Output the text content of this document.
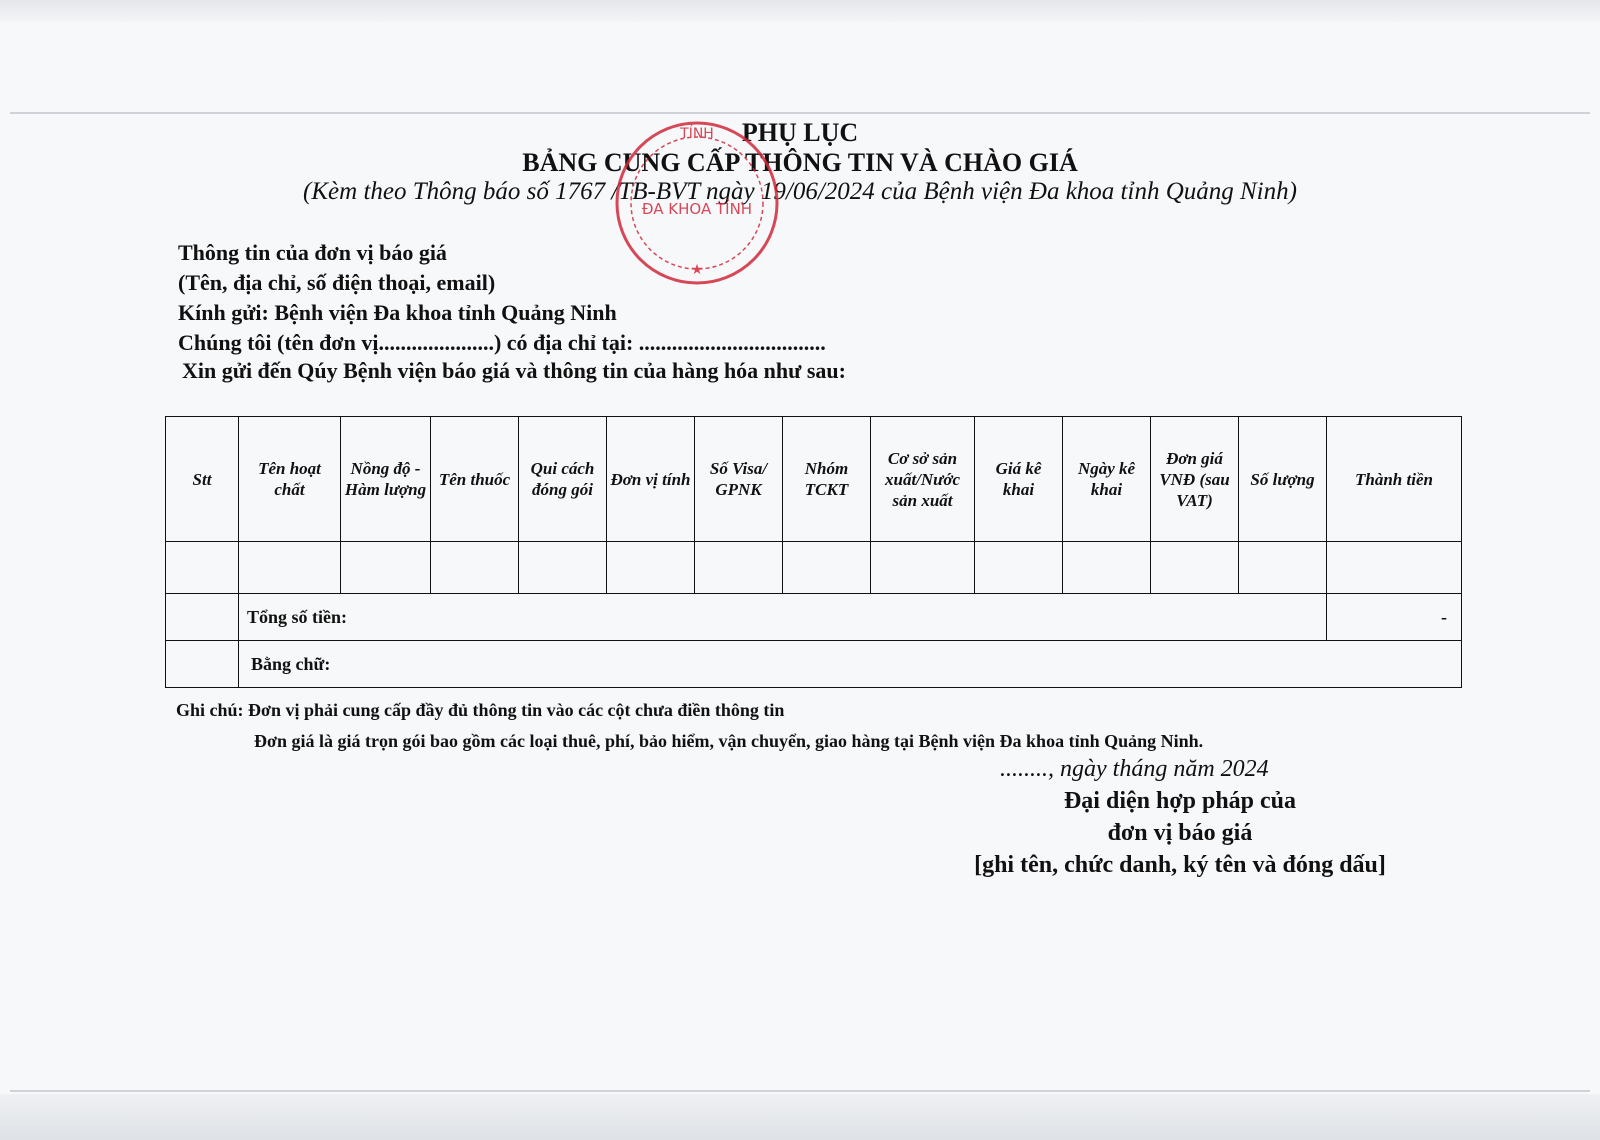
PHỤ LỤC
BẢNG CUNG CẤP THÔNG TIN VÀ CHÀO GIÁ
(Kèm theo Thông báo số 1767 /TB-BVT ngày 19/06/2024 của Bệnh viện Đa khoa tỉnh Quảng Ninh)
TỈNH
ĐA KHOA TỈNH
★
Thông tin của đơn vị báo giá
(Tên, địa chỉ, số điện thoại, email)
Kính gửi: Bệnh viện Đa khoa tỉnh Quảng Ninh
Chúng tôi (tên đơn vị.....................) có địa chỉ tại: ..................................
Xin gửi đến Qúy Bệnh viện báo giá và thông tin của hàng hóa như sau:
Stt	Tên hoạt chất	Nồng độ - Hàm lượng	Tên thuốc	Qui cách đóng gói	Đơn vị tính	Số Visa/ GPNK	Nhóm TCKT	Cơ sở sản xuất/Nước sản xuất	Giá kê khai	Ngày kê khai	Đơn giá VNĐ (sau VAT)	Số lượng	Thành tiền

	Tổng số tiền:												-
	Bằng chữ:												
Ghi chú: Đơn vị phải cung cấp đầy đủ thông tin vào các cột chưa điền thông tin
Đơn giá là giá trọn gói bao gồm các loại thuê, phí, bảo hiểm, vận chuyển, giao hàng tại Bệnh viện Đa khoa tỉnh Quảng Ninh.
........, ngày tháng năm 2024
Đại diện hợp pháp của
đơn vị báo giá
[ghi tên, chức danh, ký tên và đóng dấu]
